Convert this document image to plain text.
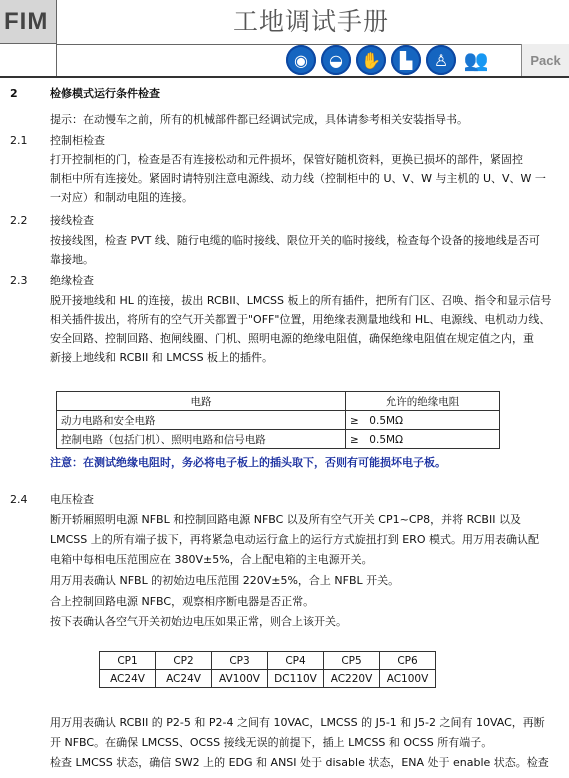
FIM	工地调试手册
◉	◒	✋	▙	♙ 👥	Pack
2	检修模式运行条件检查
提示：在动慢车之前，所有的机械部件都已经调试完成，具体请参考相关安装指导书。
2.1 控制柜检查
打开控制柜的门，检查是否有连接松动和元件损坏，保管好随机资料，更换已损坏的部件，紧固控
制柜中所有连接处。紧固时请特别注意电源线、动力线（控制柜中的 U、V、W 与主机的 U、V、W 一
一对应）和制动电阻的连接。
2.2 接线检查
按接线图，检查 PVT 线、随行电缆的临时接线、限位开关的临时接线，检查每个设备的接地线是否可
靠接地。
2.3 绝缘检查
脱开接地线和 HL 的连接，拔出 RCBII、LMCSS 板上的所有插件，把所有门区、召唤、指令和显示信号
相关插件拔出，将所有的空气开关都置于"OFF"位置，用绝缘表测量地线和 HL、电源线、电机动力线、
安全回路、控制回路、抱闸线圈、门机、照明电源的绝缘电阻值，确保绝缘电阻值在规定值之内，重
新接上地线和 RCBII 和 LMCSS 板上的插件。
电路	允许的绝缘电阻
动力电路和安全电路	≥　0.5MΩ
控制电路（包括门机）、照明电路和信号电路	≥　0.5MΩ
注意：在测试绝缘电阻时，务必将电子板上的插头取下，否则有可能损坏电子板。
2.4 电压检查
断开轿厢照明电源 NFBL 和控制回路电源 NFBC 以及所有空气开关 CP1~CP8，并将 RCBII 以及
LMCSS 上的所有端子拔下，再将紧急电动运行盒上的运行方式旋扭打到 ERO 模式。用万用表确认配
电箱中每相电压范围应在 380V±5%，合上配电箱的主电源开关。
用万用表确认 NFBL 的初始边电压范围 220V±5%，合上 NFBL 开关。
合上控制回路电源 NFBC，观察相序断电器是否正常。
按下表确认各空气开关初始边电压如果正常，则合上该开关。
CP1	CP2	CP3	CP4	CP5	CP6
AC24V	AC24V	AV100V	DC110V	AC220V	AC100V
用万用表确认 RCBII 的 P2-5 和 P2-4 之间有 10VAC，LMCSS 的 J5-1 和 J5-2 之间有 10VAC，再断
开 NFBC。在确保 LMCSS、OCSS 接线无误的前提下，插上 LMCSS 和 OCSS 所有端子。
检查 LMCSS 状态，确信 SW2 上的 EDG 和 ANSI 处于 disable 状态，ENA 处于 enable 状态。检查
